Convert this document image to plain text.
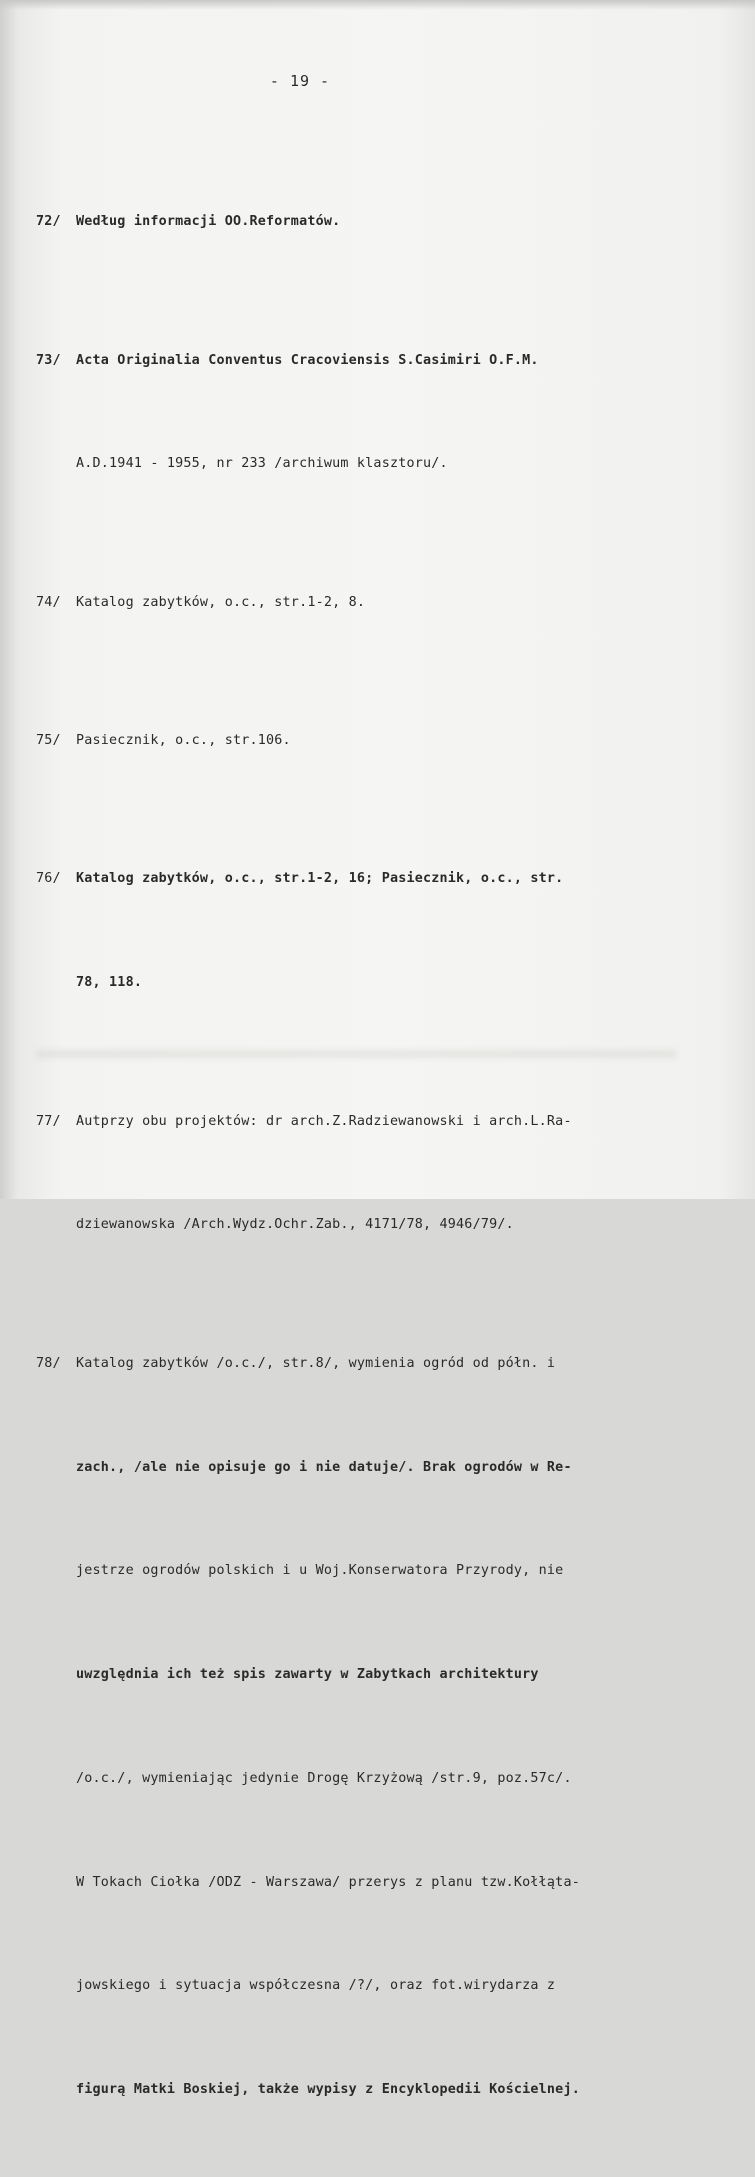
- 19 -

72/ Według informacji OO.Reformatów.

73/ Acta Originalia Conventus Cracoviensis S.Casimiri O.F.M.

A.D.1941 - 1955, nr 233 /archiwum klasztoru/.

74/ Katalog zabytków, o.c., str.1-2, 8.

75/ Pasiecznik, o.c., str.106.

76/ Katalog zabytków, o.c., str.1-2, 16; Pasiecznik, o.c., str.

78, 118.

77/ Autprzy obu projektów: dr arch.Z.Radziewanowski i arch.L.Ra-

dziewanowska /Arch.Wydz.Ochr.Zab., 4171/78, 4946/79/.

78/ Katalog zabytków /o.c./, str.8/, wymienia ogród od półn. i

zach., /ale nie opisuje go i nie datuje/. Brak ogrodów w Re-

jestrze ogrodów polskich i u Woj.Konserwatora Przyrody, nie

uwzględnia ich też spis zawarty w Zabytkach architektury

/o.c./, wymieniając jedynie Drogę Krzyżową /str.9, poz.57c/.

W Tokach Ciołka /ODZ - Warszawa/ przerys z planu tzw.Kołłąta-

jowskiego i sytuacja współczesna /?/, oraz fot.wirydarza z

figurą Matki Boskiej, także wypisy z Encyklopedii Kościelnej.
